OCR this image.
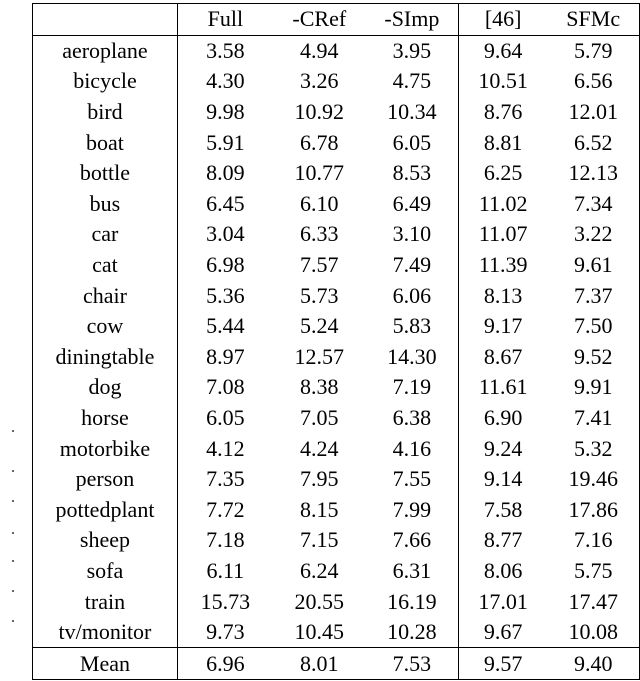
	Full	-CRef	-SImp	[46]	SFMc
aeroplane	3.58	4.94	3.95	9.64	5.79
bicycle	4.30	3.26	4.75	10.51	6.56
bird	9.98	10.92	10.34	8.76	12.01
boat	5.91	6.78	6.05	8.81	6.52
bottle	8.09	10.77	8.53	6.25	12.13
bus	6.45	6.10	6.49	11.02	7.34
car	3.04	6.33	3.10	11.07	3.22
cat	6.98	7.57	7.49	11.39	9.61
chair	5.36	5.73	6.06	8.13	7.37
cow	5.44	5.24	5.83	9.17	7.50
diningtable	8.97	12.57	14.30	8.67	9.52
dog	7.08	8.38	7.19	11.61	9.91
horse	6.05	7.05	6.38	6.90	7.41
motorbike	4.12	4.24	4.16	9.24	5.32
person	7.35	7.95	7.55	9.14	19.46
pottedplant	7.72	8.15	7.99	7.58	17.86
sheep	7.18	7.15	7.66	8.77	7.16
sofa	6.11	6.24	6.31	8.06	5.75
train	15.73	20.55	16.19	17.01	17.47
tv/monitor	9.73	10.45	10.28	9.67	10.08
Mean	6.96	8.01	7.53	9.57	9.40
